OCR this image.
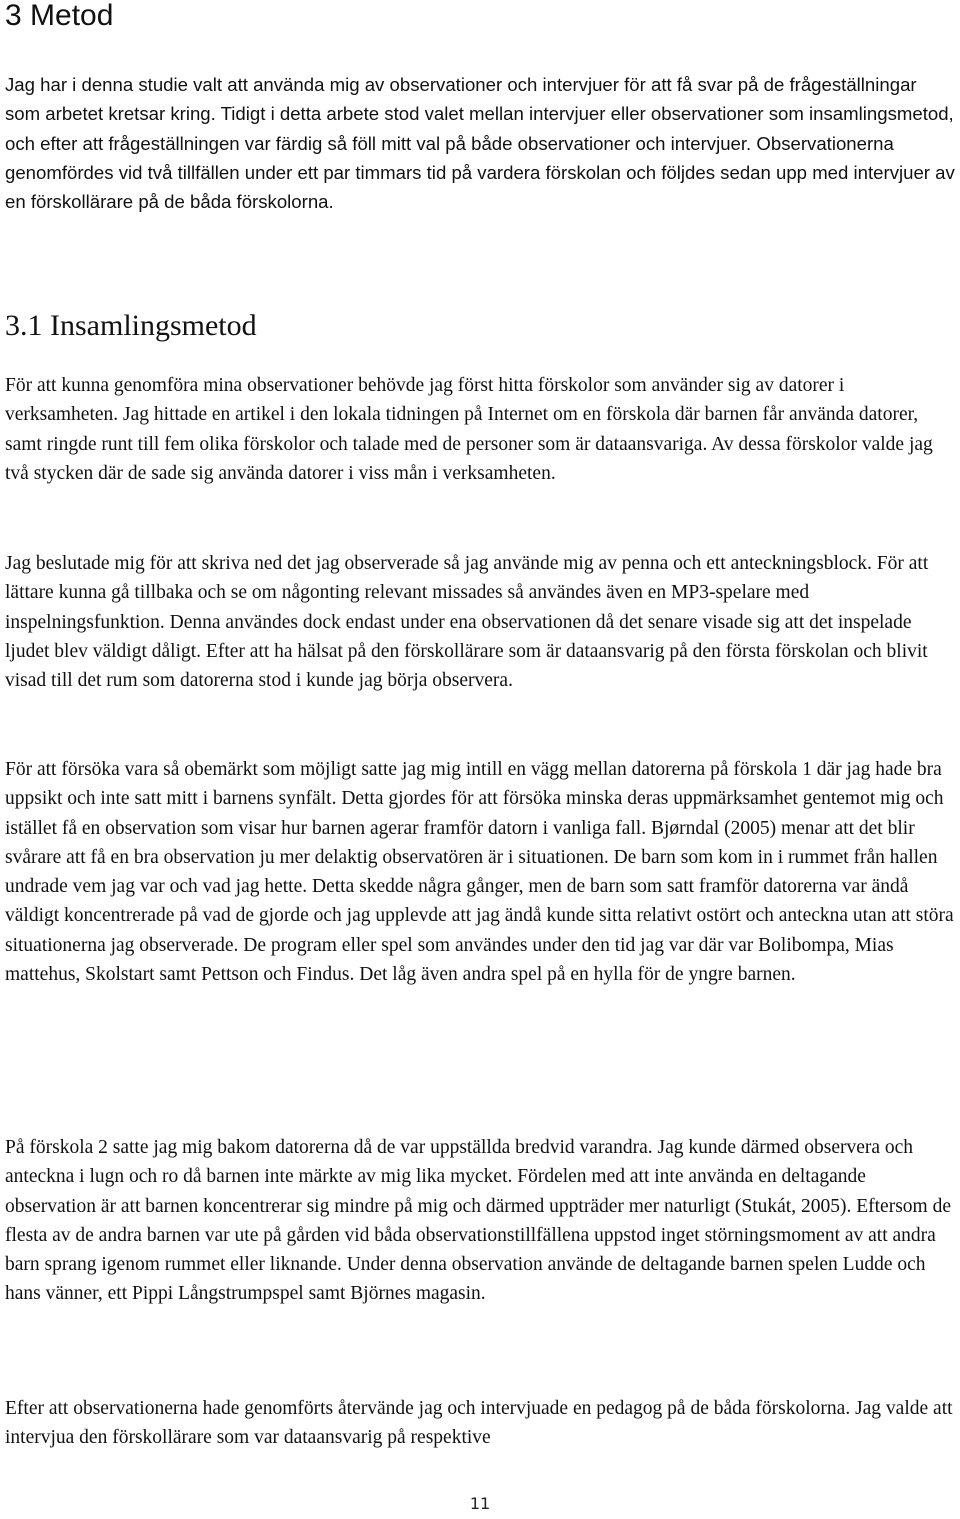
3 Metod

Jag har i denna studie valt att använda mig av observationer och intervjuer för att få svar på de frågeställningar som arbetet kretsar kring. Tidigt i detta arbete stod valet mellan intervjuer eller observationer som insamlingsmetod, och efter att frågeställningen var färdig så föll mitt val på både observationer och intervjuer. Observationerna genomfördes vid två tillfällen under ett par timmars tid på vardera förskolan och följdes sedan upp med intervjuer av en förskollärare på de båda förskolorna.

3.1 Insamlingsmetod

För att kunna genomföra mina observationer behövde jag först hitta förskolor som använder sig av datorer i verksamheten. Jag hittade en artikel i den lokala tidningen på Internet om en förskola där barnen får använda datorer, samt ringde runt till fem olika förskolor och talade med de personer som är dataansvariga. Av dessa förskolor valde jag två stycken där de sade sig använda datorer i viss mån i verksamheten.

Jag beslutade mig för att skriva ned det jag observerade så jag använde mig av penna och ett anteckningsblock. För att lättare kunna gå tillbaka och se om någonting relevant missades så användes även en MP3-spelare med inspelningsfunktion. Denna användes dock endast under ena observationen då det senare visade sig att det inspelade ljudet blev väldigt dåligt. Efter att ha hälsat på den förskollärare som är dataansvarig på den första förskolan och blivit visad till det rum som datorerna stod i kunde jag börja observera.

För att försöka vara så obemärkt som möjligt satte jag mig intill en vägg mellan datorerna på förskola 1 där jag hade bra uppsikt och inte satt mitt i barnens synfält. Detta gjordes för att försöka minska deras uppmärksamhet gentemot mig och istället få en observation som visar hur barnen agerar framför datorn i vanliga fall. Bjørndal (2005) menar att det blir svårare att få en bra observation ju mer delaktig observatören är i situationen. De barn som kom in i rummet från hallen undrade vem jag var och vad jag hette. Detta skedde några gånger, men de barn som satt framför datorerna var ändå väldigt koncentrerade på vad de gjorde och jag upplevde att jag ändå kunde sitta relativt ostört och anteckna utan att störa situationerna jag observerade. De program eller spel som användes under den tid jag var där var Bolibompa, Mias mattehus, Skolstart samt Pettson och Findus. Det låg även andra spel på en hylla för de yngre barnen.

På förskola 2 satte jag mig bakom datorerna då de var uppställda bredvid varandra. Jag kunde därmed observera och anteckna i lugn och ro då barnen inte märkte av mig lika mycket. Fördelen med att inte använda en deltagande observation är att barnen koncentrerar sig mindre på mig och därmed uppträder mer naturligt (Stukát, 2005). Eftersom de flesta av de andra barnen var ute på gården vid båda observationstillfällena uppstod inget störningsmoment av att andra barn sprang igenom rummet eller liknande. Under denna observation använde de deltagande barnen spelen Ludde och hans vänner, ett Pippi Långstrumpspel samt Björnes magasin.

Efter att observationerna hade genomförts återvände jag och intervjuade en pedagog på de båda förskolorna. Jag valde att intervjua den förskollärare som var dataansvarig på respektive

11
